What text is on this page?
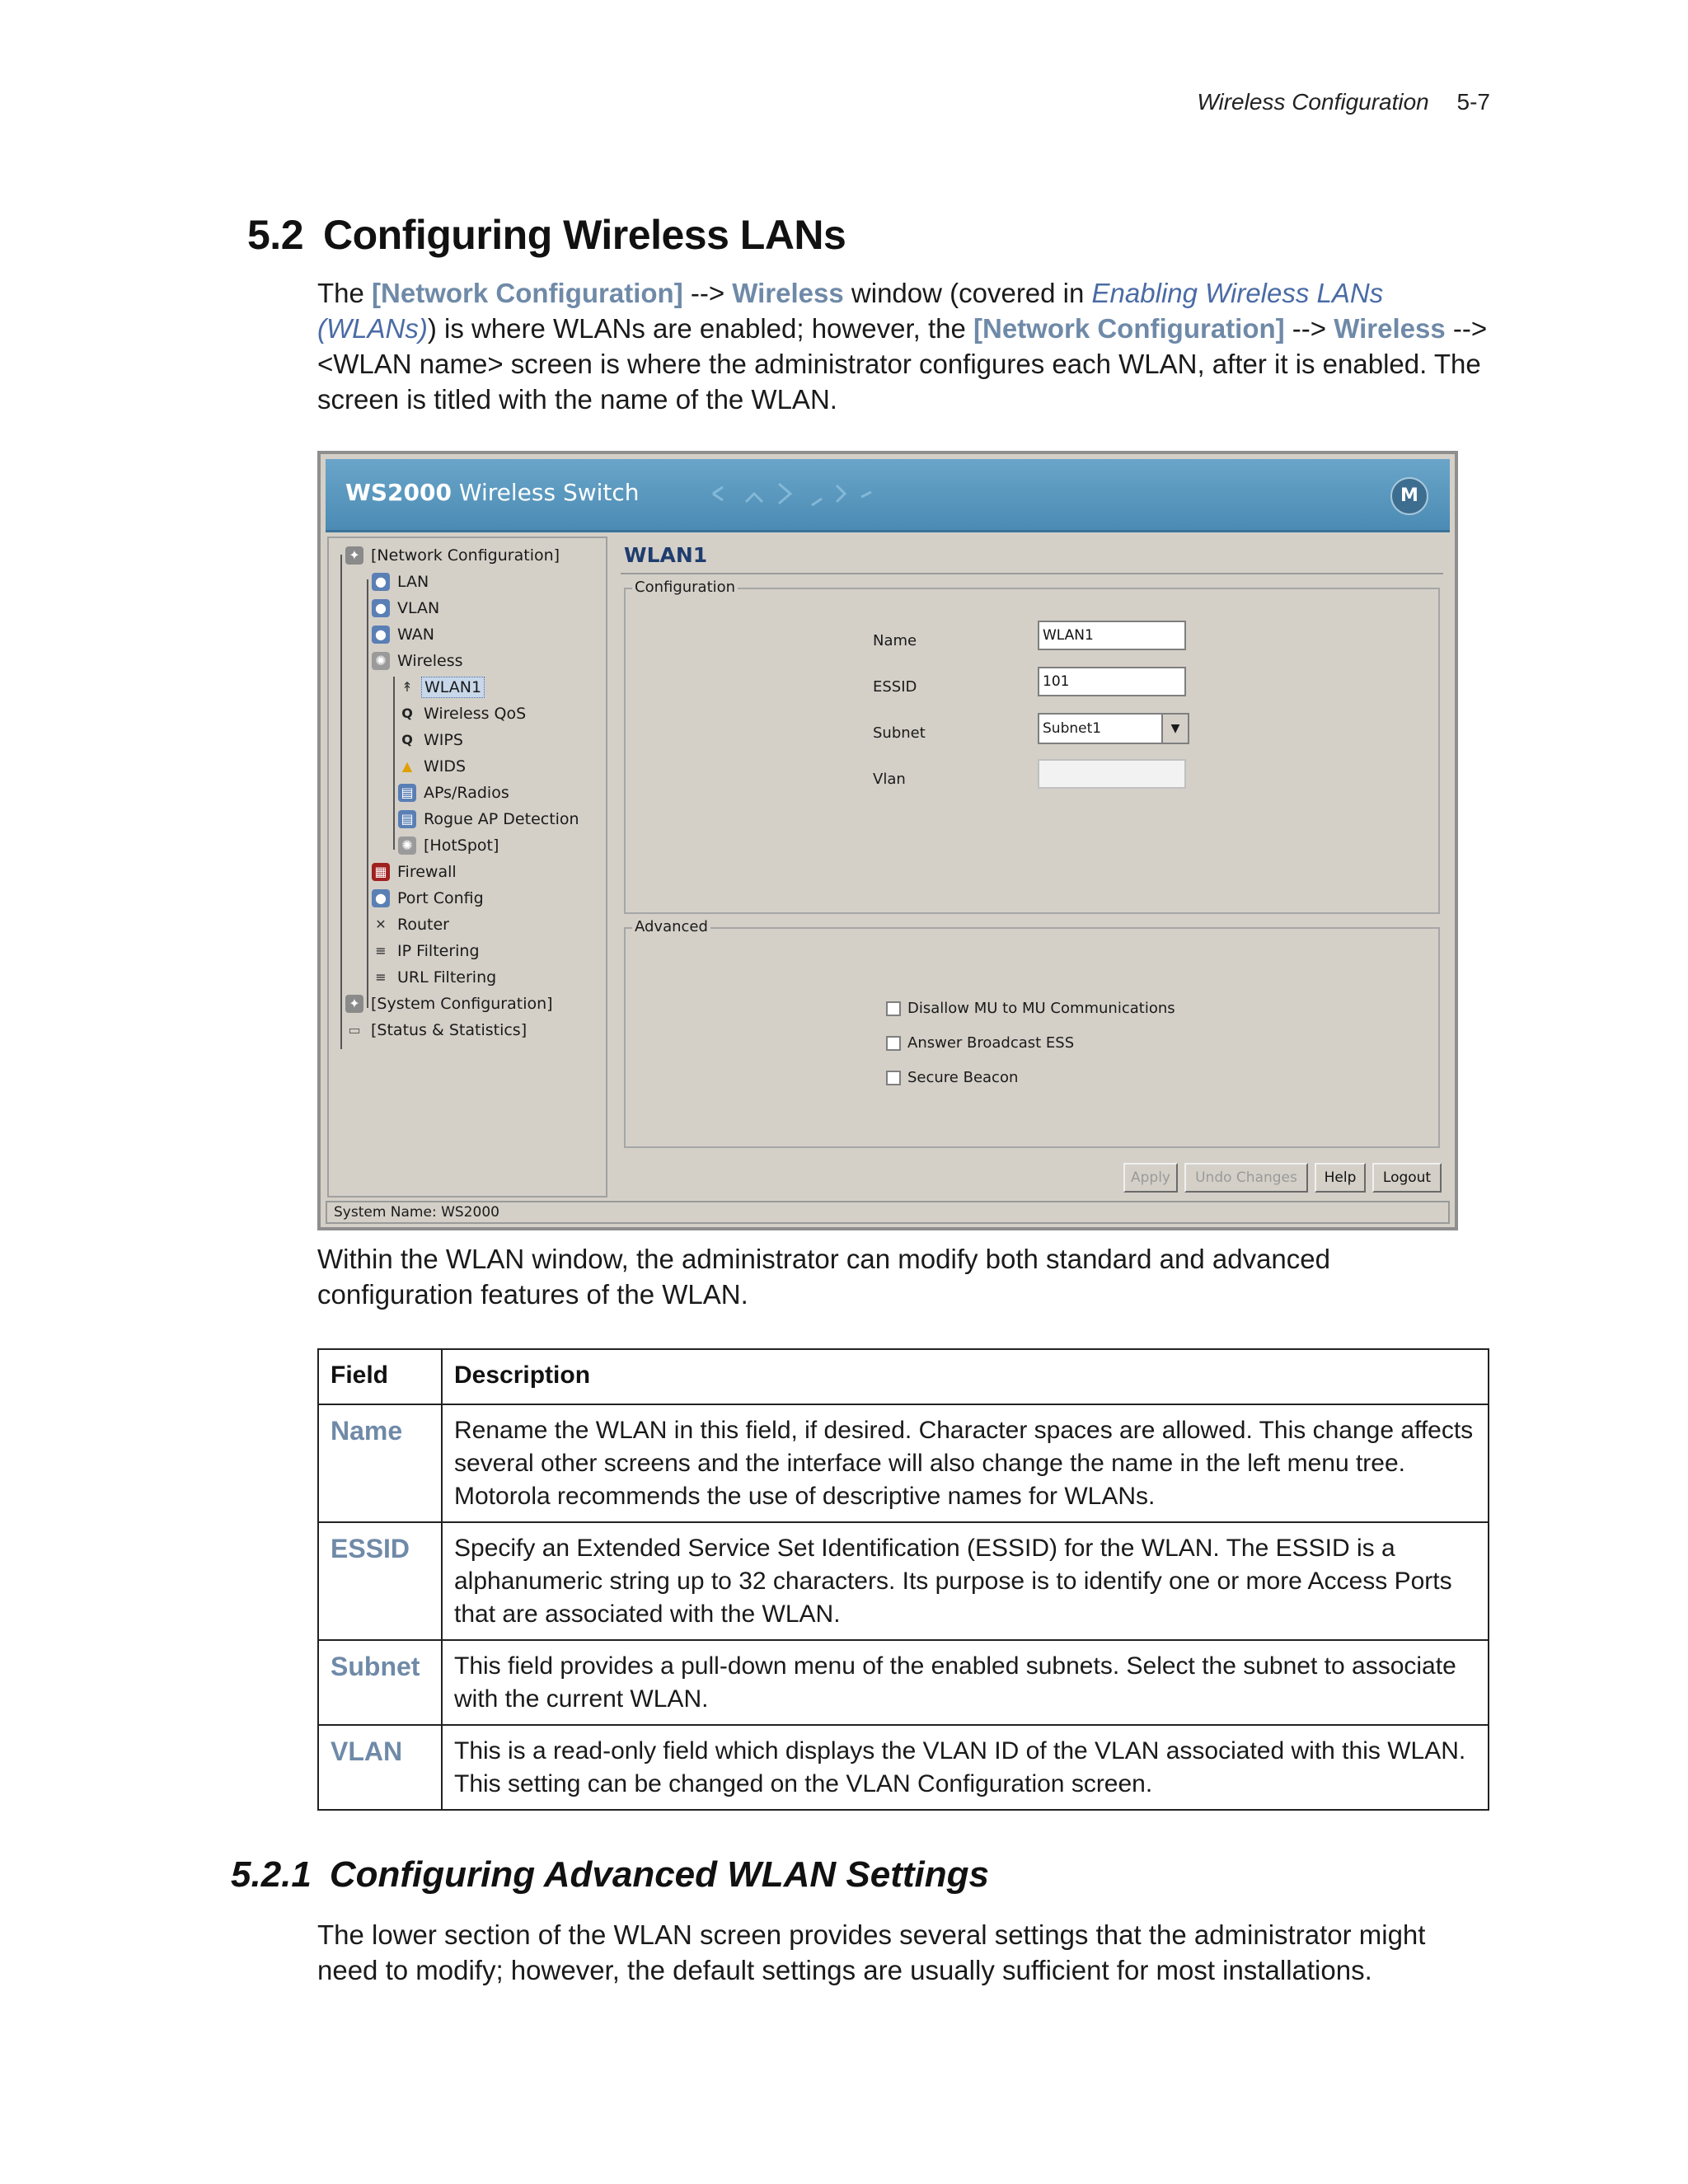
Wireless Configuration 5-7
5.2 Configuring Wireless LANs

The [Network Configuration] --> Wireless window (covered in Enabling Wireless LANs (WLANs)) is where WLANs are enabled; however, the [Network Configuration] --> Wireless --> <WLAN name> screen is where the administrator configures each WLAN, after it is enabled. The screen is titled with the name of the WLAN.

WS2000 Wireless Switch	M
✦ [Network Configuration]
● LAN
● VLAN
● WAN
✺ Wireless
↟ WLAN1
Q Wireless QoS
Q WIPS
▲ WIDS
▤ APs/Radios
▤ Rogue AP Detection
✺ [HotSpot]
▦ Firewall
● Port Config
✕ Router
≡ IP Filtering
≡ URL Filtering
✦ [System Configuration]
▭ [Status & Statistics]
WLAN1
Configuration
Name	WLAN1
ESSID	101
Subnet	Subnet1	▼
Vlan
Advanced
Disallow MU to MU Communications
Answer Broadcast ESS
Secure Beacon
Apply	Undo Changes	Help	Logout
System Name: WS2000

Within the WLAN window, the administrator can modify both standard and advanced configuration features of the WLAN.

Field	Description
Name	Rename the WLAN in this field, if desired. Character spaces are allowed. This change affects several other screens and the interface will also change the name in the left menu tree. Motorola recommends the use of descriptive names for WLANs.
ESSID	Specify an Extended Service Set Identification (ESSID) for the WLAN. The ESSID is a alphanumeric string up to 32 characters. Its purpose is to identify one or more Access Ports that are associated with the WLAN.
Subnet	This field provides a pull-down menu of the enabled subnets. Select the subnet to associate with the current WLAN.
VLAN	This is a read-only field which displays the VLAN ID of the VLAN associated with this WLAN. This setting can be changed on the VLAN Configuration screen.
5.2.1 Configuring Advanced WLAN Settings

The lower section of the WLAN screen provides several settings that the administrator might need to modify; however, the default settings are usually sufficient for most installations.
